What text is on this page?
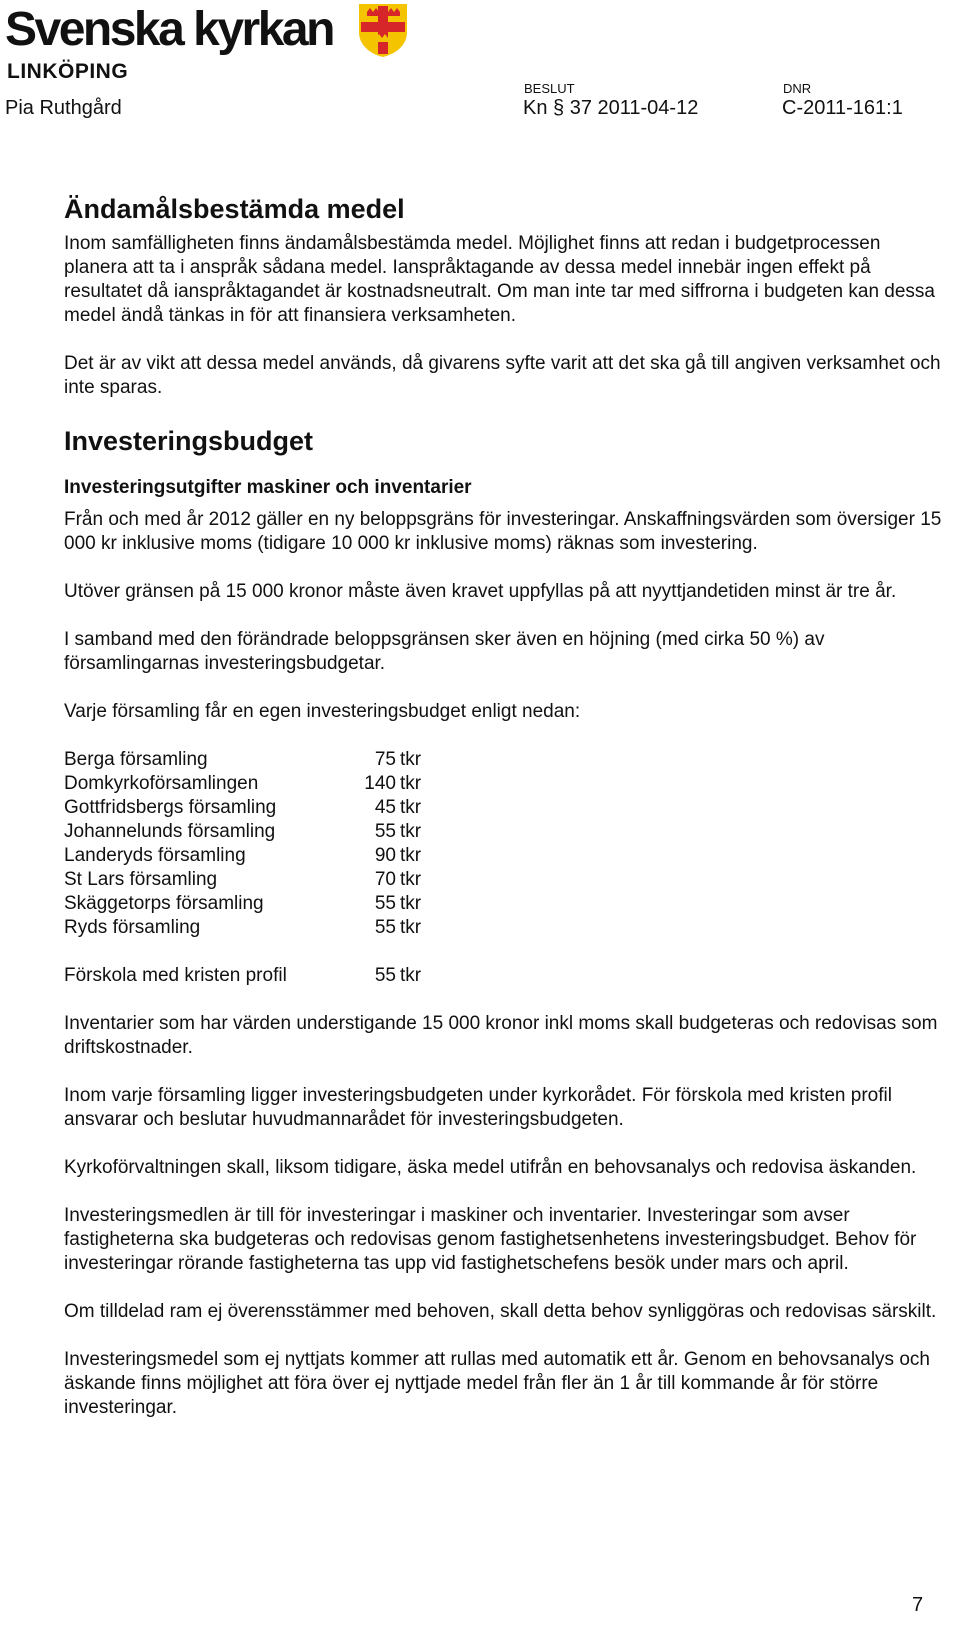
Svenska kyrkan
LINKÖPING
Pia Ruthgård
BESLUT
Kn § 37 2011-04-12
DNR
C-2011-161:1
Ändamålsbestämda medel

Inom samfälligheten finns ändamålsbestämda medel. Möjlighet finns att redan i budgetprocessen planera att ta i anspråk sådana medel. Ianspråktagande av dessa medel innebär ingen effekt på resultatet då ianspråktagandet är kostnadsneutralt. Om man inte tar med siffrorna i budgeten kan dessa medel ändå tänkas in för att finansiera verksamheten.

Det är av vikt att dessa medel används, då givarens syfte varit att det ska gå till angiven verksamhet och inte sparas.

Investeringsbudget
Investeringsutgifter maskiner och inventarier

Från och med år 2012 gäller en ny beloppsgräns för investeringar. Anskaffningsvärden som översiger 15 000 kr inklusive moms (tidigare 10 000 kr inklusive moms) räknas som investering.

Utöver gränsen på 15 000 kronor måste även kravet uppfyllas på att nyyttjandetiden minst är tre år.

I samband med den förändrade beloppsgränsen sker även en höjning (med cirka 50 %) av församlingarnas investeringsbudgetar.

Varje församling får en egen investeringsbudget enligt nedan:

Berga församling	75	tkr
Domkyrkoförsamlingen	140	tkr
Gottfridsbergs församling	45	tkr
Johannelunds församling	55	tkr
Landeryds församling	90	tkr
St Lars församling	70	tkr
Skäggetorps församling	55	tkr
Ryds församling	55	tkr

Förskola med kristen profil	55	tkr

Inventarier som har värden understigande 15 000 kronor inkl moms skall budgeteras och redovisas som driftskostnader.

Inom varje församling ligger investeringsbudgeten under kyrkorådet. För förskola med kristen profil ansvarar och beslutar huvudmannarådet för investeringsbudgeten.

Kyrkoförvaltningen skall, liksom tidigare, äska medel utifrån en behovsanalys och redovisa äskanden.

Investeringsmedlen är till för investeringar i maskiner och inventarier. Investeringar som avser fastigheterna ska budgeteras och redovisas genom fastighetsenhetens investeringsbudget. Behov för investeringar rörande fastigheterna tas upp vid fastighetschefens besök under mars och april.

Om tilldelad ram ej överensstämmer med behoven, skall detta behov synliggöras och redovisas särskilt.

Investeringsmedel som ej nyttjats kommer att rullas med automatik ett år. Genom en behovsanalys och äskande finns möjlighet att föra över ej nyttjade medel från fler än 1 år till kommande år för större investeringar.

7
